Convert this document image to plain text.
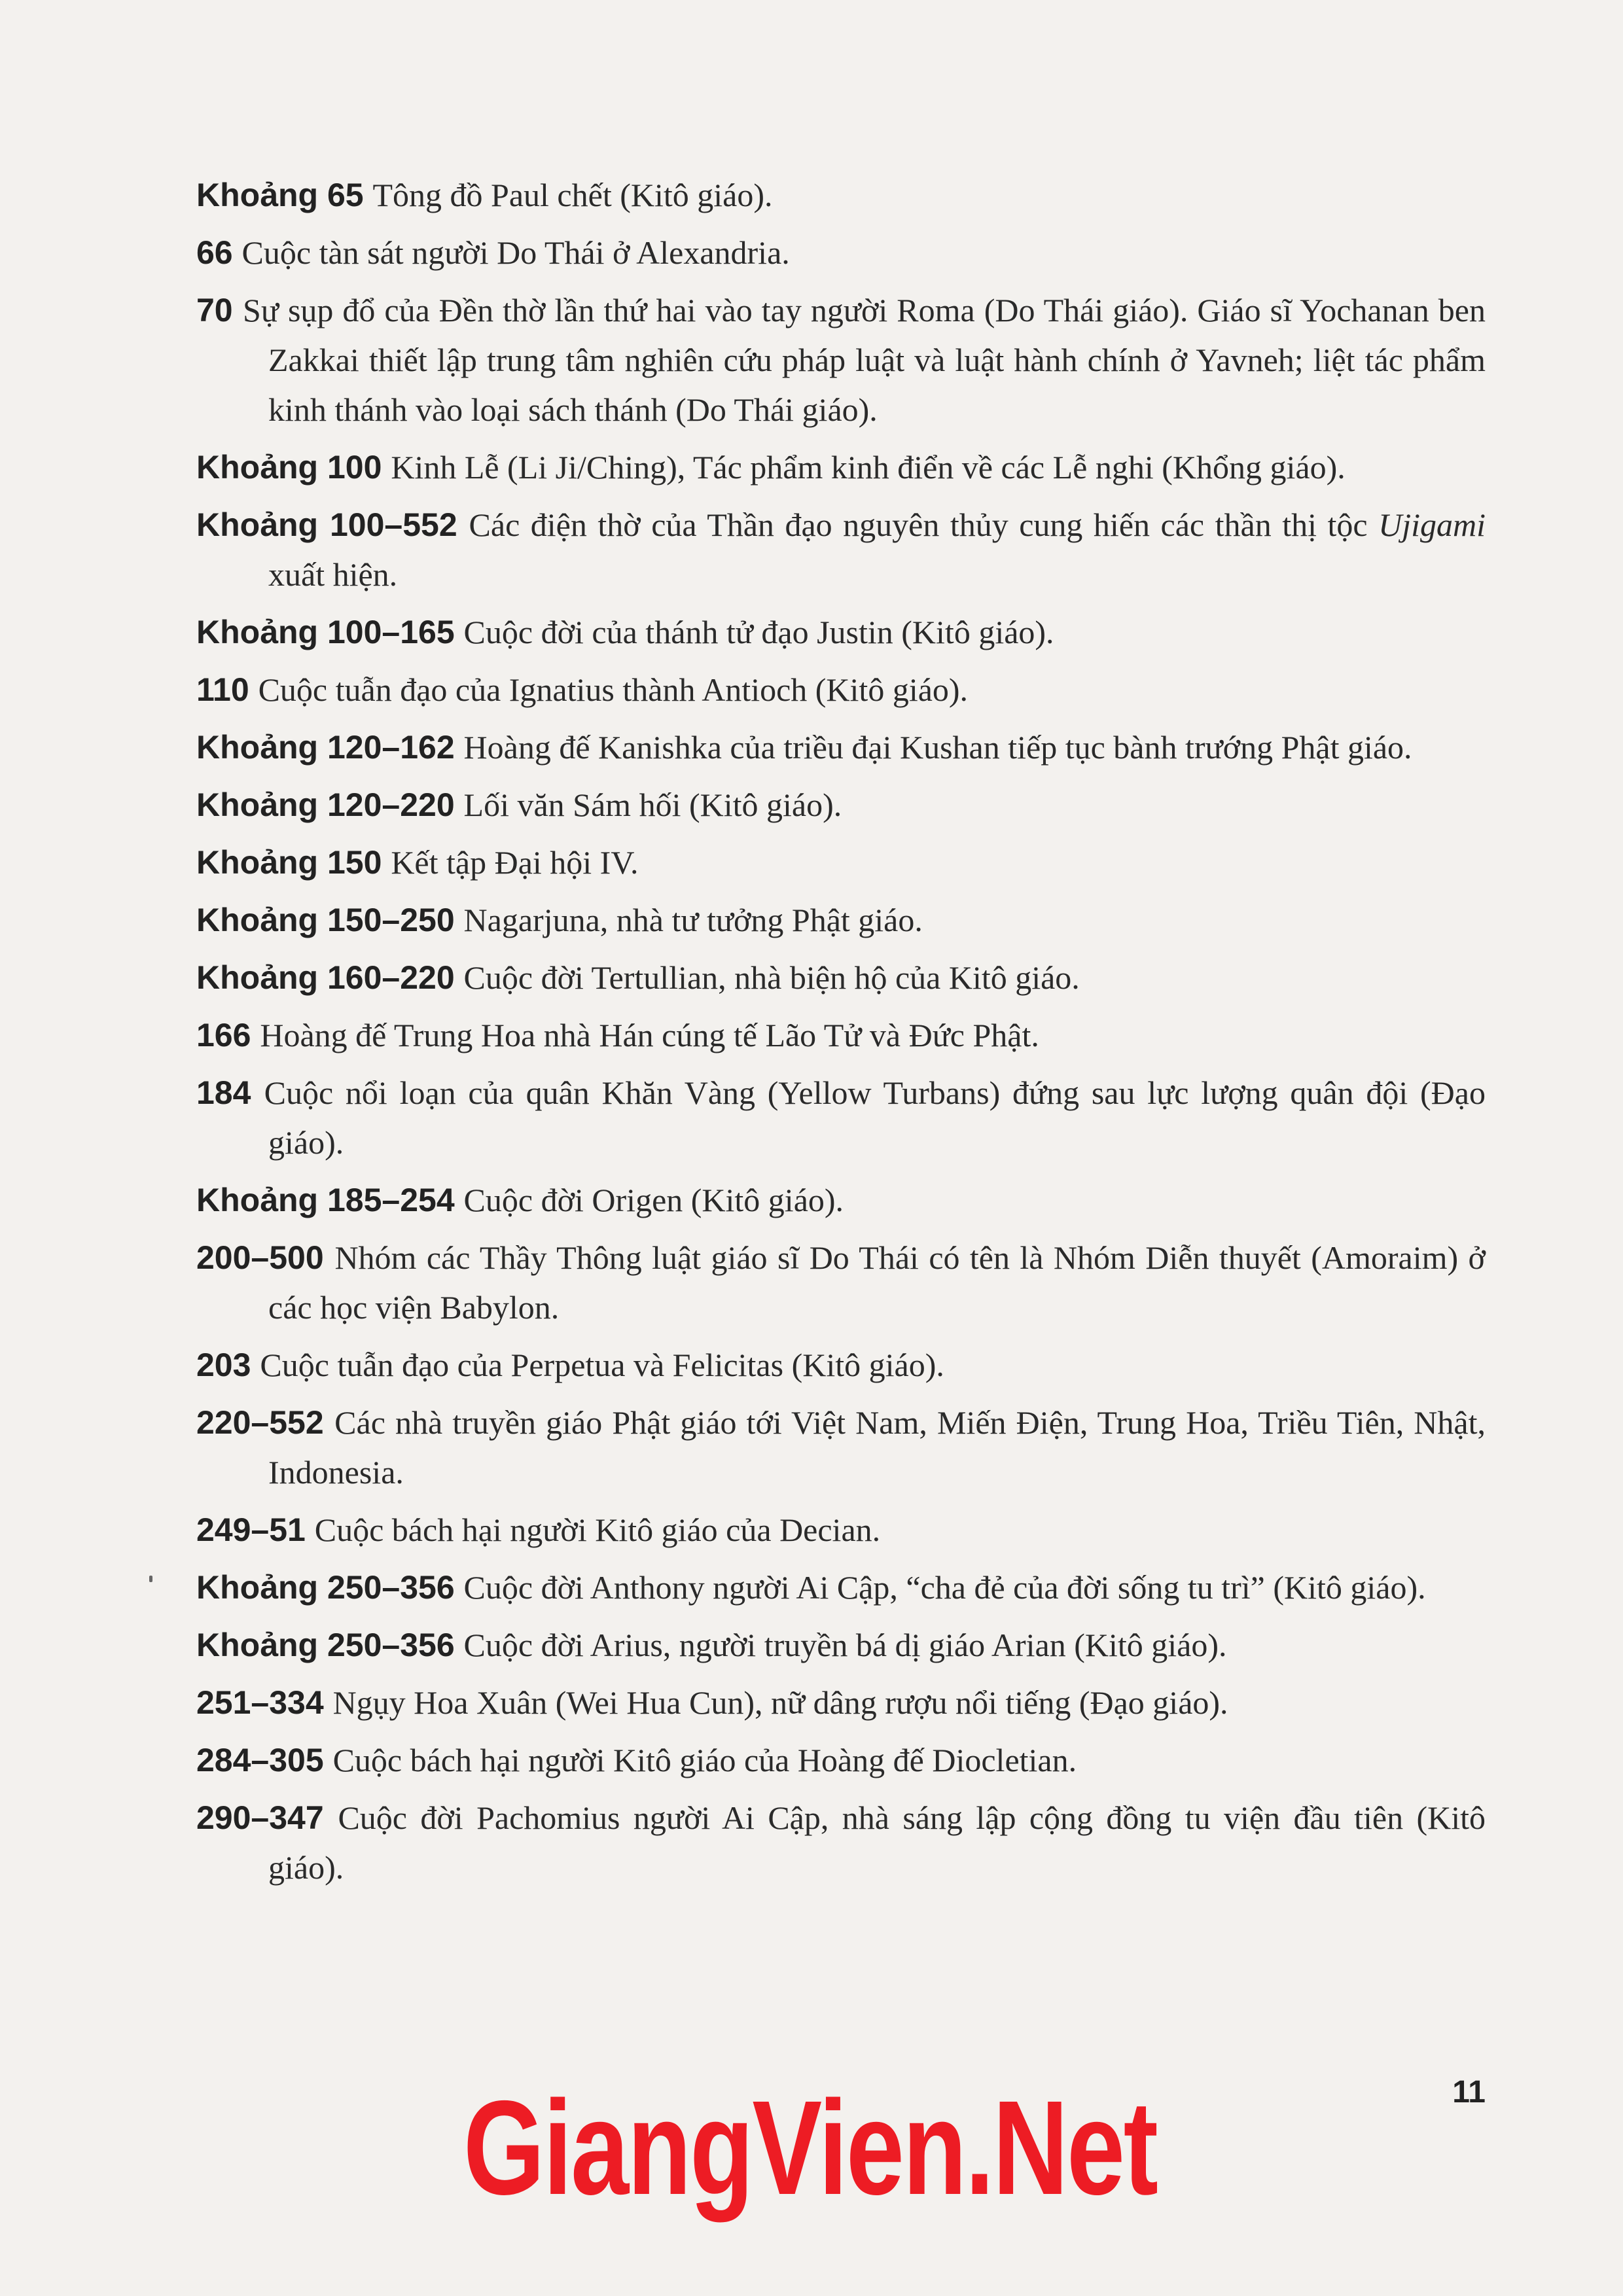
Khoảng 65 Tông đồ Paul chết (Kitô giáo).

66 Cuộc tàn sát người Do Thái ở Alexandria.

70 Sự sụp đổ của Đền thờ lần thứ hai vào tay người Roma (Do Thái giáo). Giáo sĩ Yochanan ben Zakkai thiết lập trung tâm nghiên cứu pháp luật và luật hành chính ở Yavneh; liệt tác phẩm kinh thánh vào loại sách thánh (Do Thái giáo).

Khoảng 100 Kinh Lễ (Li Ji/Ching), Tác phẩm kinh điển về các Lễ nghi (Khổng giáo).

Khoảng 100–552 Các điện thờ của Thần đạo nguyên thủy cung hiến các thần thị tộc Ujigami xuất hiện.

Khoảng 100–165 Cuộc đời của thánh tử đạo Justin (Kitô giáo).

110 Cuộc tuẫn đạo của Ignatius thành Antioch (Kitô giáo).

Khoảng 120–162 Hoàng đế Kanishka của triều đại Kushan tiếp tục bành trướng Phật giáo.

Khoảng 120–220 Lối văn Sám hối (Kitô giáo).

Khoảng 150 Kết tập Đại hội IV.

Khoảng 150–250 Nagarjuna, nhà tư tưởng Phật giáo.

Khoảng 160–220 Cuộc đời Tertullian, nhà biện hộ của Kitô giáo.

166 Hoàng đế Trung Hoa nhà Hán cúng tế Lão Tử và Đức Phật.

184 Cuộc nổi loạn của quân Khăn Vàng (Yellow Turbans) đứng sau lực lượng quân đội (Đạo giáo).

Khoảng 185–254 Cuộc đời Origen (Kitô giáo).

200–500 Nhóm các Thầy Thông luật giáo sĩ Do Thái có tên là Nhóm Diễn thuyết (Amoraim) ở các học viện Babylon.

203 Cuộc tuẫn đạo của Perpetua và Felicitas (Kitô giáo).

220–552 Các nhà truyền giáo Phật giáo tới Việt Nam, Miến Điện, Trung Hoa, Triều Tiên, Nhật, Indonesia.

249–51 Cuộc bách hại người Kitô giáo của Decian.

Khoảng 250–356 Cuộc đời Anthony người Ai Cập, “cha đẻ của đời sống tu trì” (Kitô giáo).

Khoảng 250–356 Cuộc đời Arius, người truyền bá dị giáo Arian (Kitô giáo).

251–334 Ngụy Hoa Xuân (Wei Hua Cun), nữ dâng rượu nổi tiếng (Đạo giáo).

284–305 Cuộc bách hại người Kitô giáo của Hoàng đế Diocletian.

290–347 Cuộc đời Pachomius người Ai Cập, nhà sáng lập cộng đồng tu viện đầu tiên (Kitô giáo).

11
GiangVien.Net
